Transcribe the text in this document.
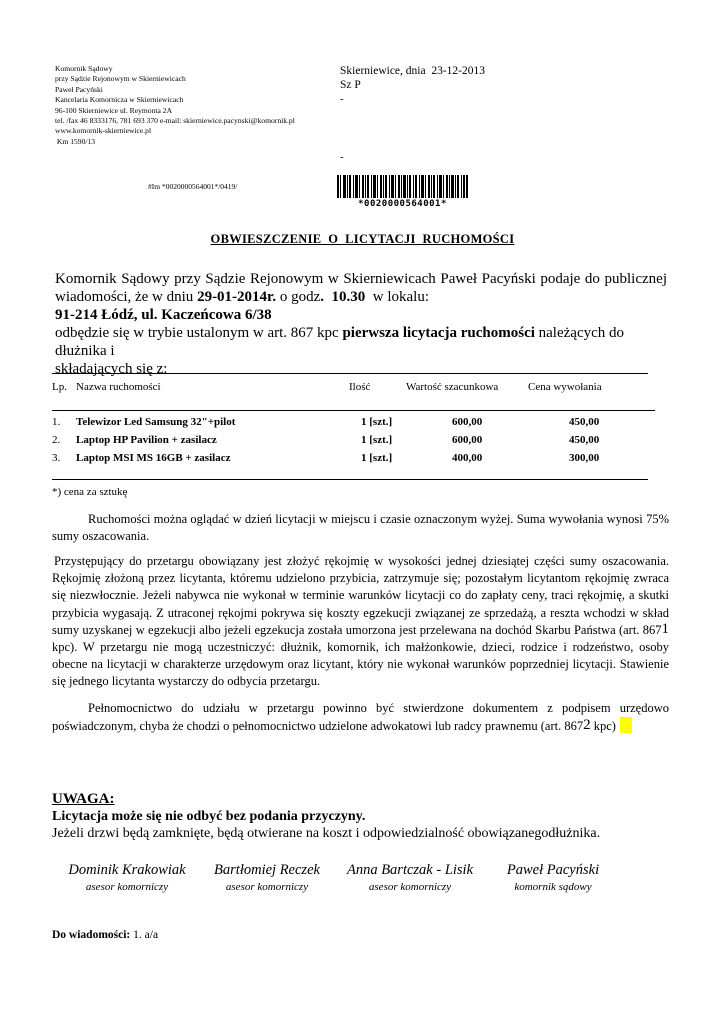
Komornik Sądowy
przy Sądzie Rejonowym w Skierniewicach
Paweł Pacyński
Kancelaria Komornicza w Skierniewicach
96-100 Skierniewice ul. Reymonta 2A
tel. /fax 46 8333176, 781 693 370 e-mail: skierniewice.pacynski@komornik.pl
www.komornik-skierniewice.pl
Km 1590/13
Skierniewice, dnia  23-12-2013
Sz P
-
-
#Im *0020000564001*/0419/
*0020000564001*
OBWIESZCZENIE  O  LICYTACJI  RUCHOMOŚCI

Komornik Sądowy przy Sądzie Rejonowym w Skierniewicach Paweł Pacyński podaje do publicznej

wiadomości, że w dniu 29-01-2014r. o godz.  10.30  w lokalu:

91-214 Łódź, ul. Kaczeńcowa 6/38

odbędzie się w trybie ustalonym w art. 867 kpc pierwsza licytacja ruchomości należących do dłużnika i

składających się z:

Lp. Nazwa ruchomości	Ilość	Wartość szacunkowa	Cena wywołania
1. Telewizor Led Samsung 32"+pilot	1 [szt.]	600,00	450,00
2. Laptop HP Pavilion + zasilacz	1 [szt.]	600,00	450,00
3. Laptop MSI MS 16GB + zasilacz	1 [szt.]	400,00	300,00
*) cena za sztukę

Ruchomości można oglądać w dzień licytacji w miejscu i czasie oznaczonym wyżej. Suma wywołania wynosi 75% sumy oszacowania.

Przystępujący do przetargu obowiązany jest złożyć rękojmię w wysokości jednej dziesiątej części sumy oszacowania. Rękojmię złożoną przez licytanta, któremu udzielono przybicia, zatrzymuje się; pozostałym licytantom rękojmię zwraca się niezwłocznie. Jeżeli nabywca nie wykonał w terminie warunków licytacji co do zapłaty ceny, traci rękojmię, a skutki przybicia wygasają. Z utraconej rękojmi pokrywa się koszty egzekucji związanej ze sprzedażą, a reszta wchodzi w skład sumy uzyskanej w egzekucji albo jeżeli egzekucja została umorzona jest przelewana na dochód Skarbu Państwa (art. 8671 kpc). W przetargu nie mogą uczestniczyć: dłużnik, komornik, ich małżonkowie, dzieci, rodzice i rodzeństwo, osoby obecne na licytacji w charakterze urzędowym oraz licytant, który nie wykonał warunków poprzedniej licytacji. Stawienie się jednego licytanta wystarczy do odbycia przetargu.

Pełnomocnictwo do udziału w przetargu powinno być stwierdzone dokumentem z podpisem urzędowo poświadczonym, chyba że chodzi o pełnomocnictwo udzielone adwokatowi lub radcy prawnemu (art. 8672 kpc)

UWAGA:
Licytacja może się nie odbyć bez podania przyczyny.
Jeżeli drzwi będą zamknięte, będą otwierane na koszt i odpowiedzialność obowiązanegodłużnika.
Dominik Krakowiak
asesor komorniczy
Bartłomiej Reczek
asesor komorniczy
Anna Bartczak - Lisik
asesor komorniczy
Paweł Pacyński
komornik sądowy
Do wiadomości: 1. a/a
